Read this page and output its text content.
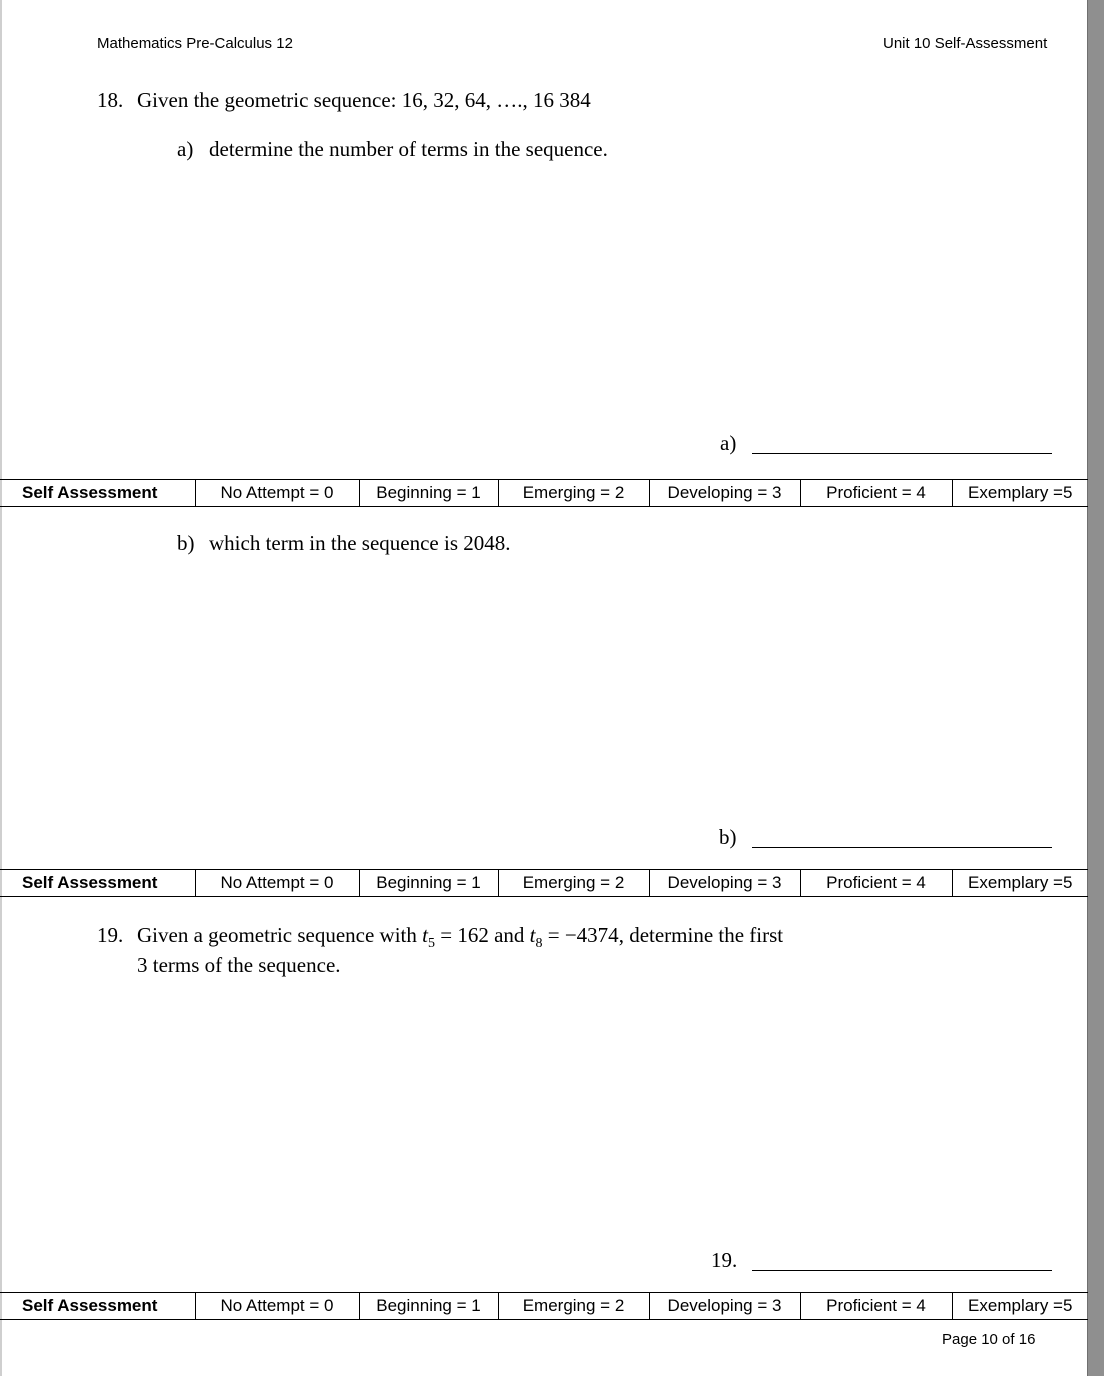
Mathematics Pre-Calculus 12	Unit 10 Self-Assessment
18. Given the geometric sequence: 16, 32, 64, …., 16 384
a) determine the number of terms in the sequence.
a)
Self Assessment	No Attempt = 0	Beginning = 1	Emerging = 2	Developing = 3	Proficient = 4	Exemplary =5
b) which term in the sequence is 2048.
b)
Self Assessment	No Attempt = 0	Beginning = 1	Emerging = 2	Developing = 3	Proficient = 4	Exemplary =5
19. Given a geometric sequence with $t_5 = 162$ and $t_8 = -4374$, determine the first
3 terms of the sequence.
19.
Self Assessment	No Attempt = 0	Beginning = 1	Emerging = 2	Developing = 3	Proficient = 4	Exemplary =5
Page 10 of 16
